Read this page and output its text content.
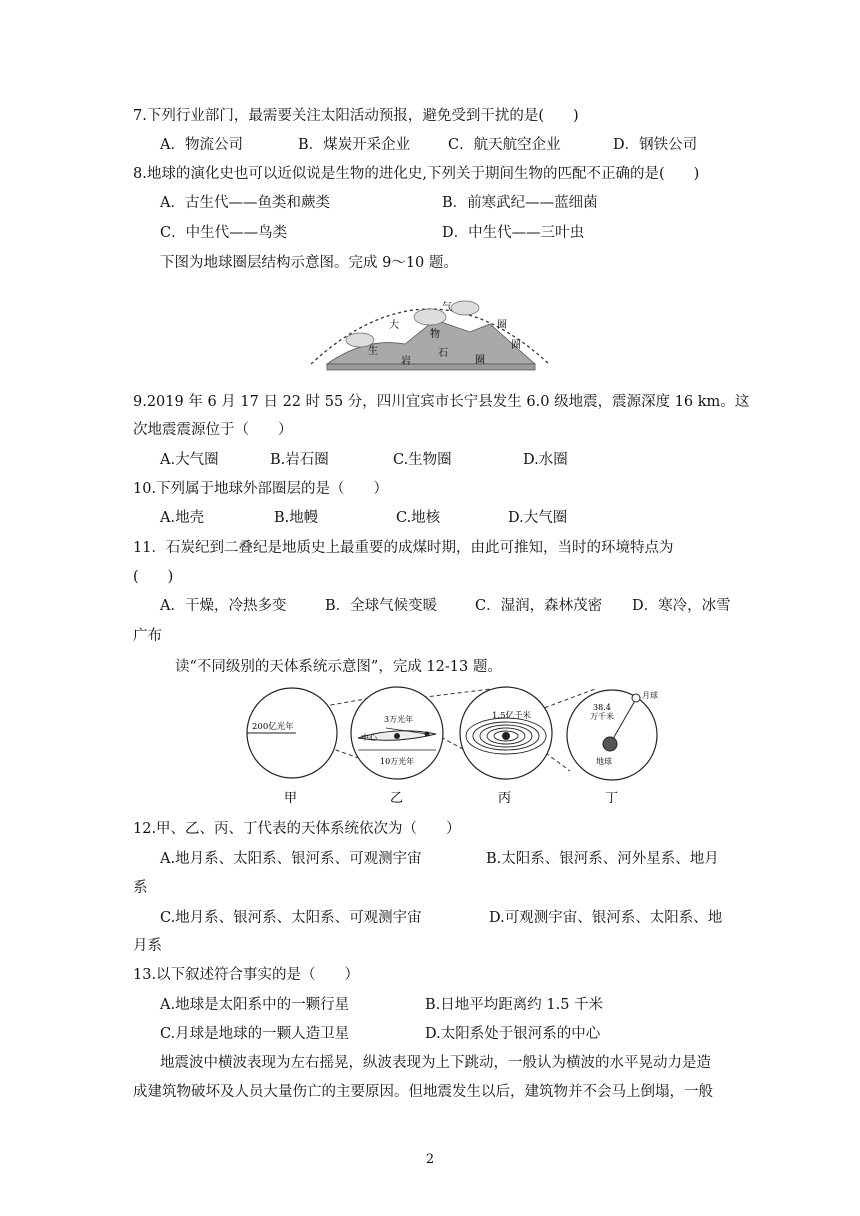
7.下列行业部门，最需要关注太阳活动预报，避免受到干扰的是(　　)
A．物流公司	B．煤炭开采企业	C．航天航空企业	D．钢铁公司
8.地球的演化史也可以近似说是生物的进化史,下列关于期间生物的匹配不正确的是(　　)
A．古生代——鱼类和蕨类	B．前寒武纪——蓝细菌
C．中生代——鸟类	D．中生代——三叶虫
下图为地球圈层结构示意图。完成 9～10 题。
大
气
圈
生
物
圈
岩
石
圈
9.2019 年 6 月 17 日 22 时 55 分，四川宜宾市长宁县发生 6.0 级地震，震源深度 16 km。这
次地震震源位于（　　）
A.大气圈	B.岩石圈	C.生物圈	D.水圈
10.下列属于地球外部圈层的是（　　）
A.地壳	B.地幔	C.地核	D.大气圈
11．石炭纪到二叠纪是地质史上最重要的成煤时期，由此可推知，当时的环境特点为
(　　)
A．干燥，冷热多变	B．全球气候变暖	C．湿润，森林茂密 D．寒冷，冰雪
广布
读“不同级别的天体系统示意图”，完成 12-13 题。
200亿光年
3万光年
中心
10万光年
1.5亿千米
38.4
万千米
月球
地球
甲	乙	丙	丁
12.甲、乙、丙、丁代表的天体系统依次为（　　）
A.地月系、太阳系、银河系、可观测宇宙	B.太阳系、银河系、河外星系、地月
系
C.地月系、银河系、太阳系、可观测宇宙	D.可观测宇宙、银河系、太阳系、地
月系
13.以下叙述符合事实的是（　　）
A.地球是太阳系中的一颗行星	B.日地平均距离约 1.5 千米
C.月球是地球的一颗人造卫星	D.太阳系处于银河系的中心
地震波中横波表现为左右摇晃，纵波表现为上下跳动，一般认为横波的水平晃动力是造
成建筑物破坏及人员大量伤亡的主要原因。但地震发生以后，建筑物并不会马上倒塌，一般
2
